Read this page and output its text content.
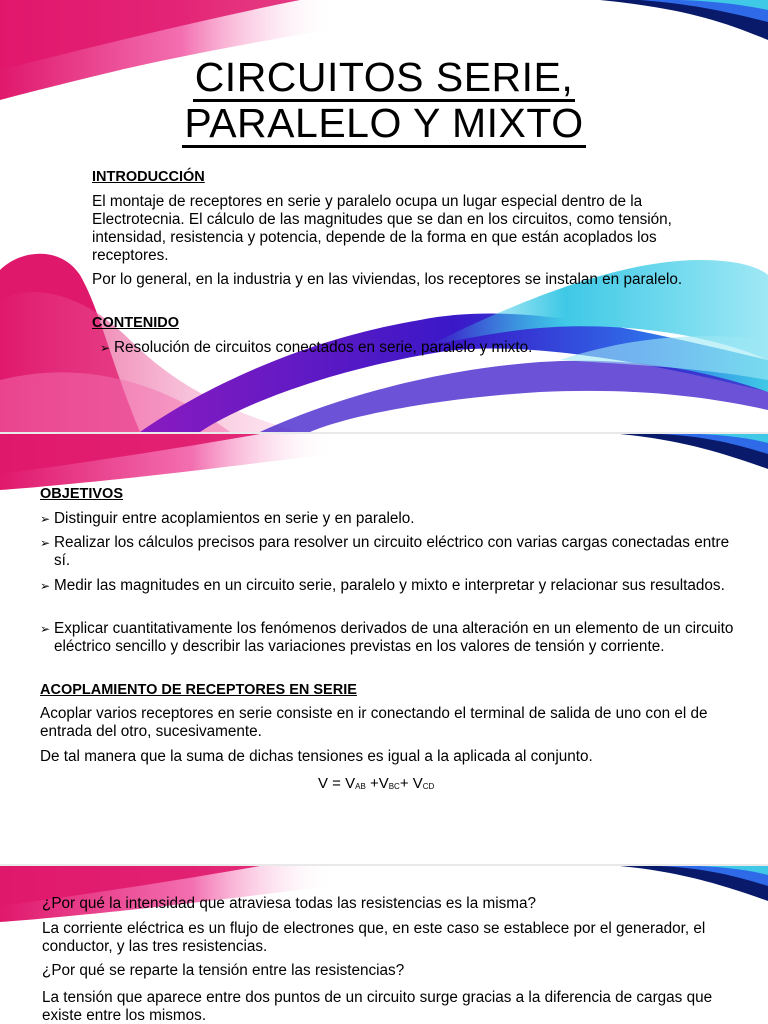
CIRCUITOS SERIE,
PARALELO Y MIXTO
INTRODUCCIÓN
El montaje de receptores en serie y paralelo ocupa un lugar especial dentro de la Electrotecnia. El cálculo de las magnitudes que se dan en los circuitos, como tensión, intensidad, resistencia y potencia, depende de la forma en que están acoplados los receptores.
Por lo general, en la industria y en las viviendas, los receptores se instalan en paralelo.
CONTENIDO
➢ Resolución de circuitos conectados en serie, paralelo y mixto.
OBJETIVOS
➢ Distinguir entre acoplamientos en serie y en paralelo.
➢ Realizar los cálculos precisos para resolver un circuito eléctrico con varias cargas conectadas entre sí.
➢ Medir las magnitudes en un circuito serie, paralelo y mixto e interpretar y relacionar sus resultados.
➢ Explicar cuantitativamente los fenómenos derivados de una alteración en un elemento de un circuito eléctrico sencillo y describir las variaciones previstas en los valores de tensión y corriente.
ACOPLAMIENTO DE RECEPTORES EN SERIE
Acoplar varios receptores en serie consiste en ir conectando el terminal de salida de uno con el de entrada del otro, sucesivamente.
De tal manera que la suma de dichas tensiones es igual a la aplicada al conjunto.
$V = V_{AB} +V_{BC}+ V_{CD}$
¿Por qué la intensidad que atraviesa todas las resistencias es la misma?
La corriente eléctrica es un flujo de electrones que, en este caso se establece por el generador, el conductor, y las tres resistencias.
¿Por qué se reparte la tensión entre las resistencias?
La tensión que aparece entre dos puntos de un circuito surge gracias a la diferencia de cargas que existe entre los mismos.
